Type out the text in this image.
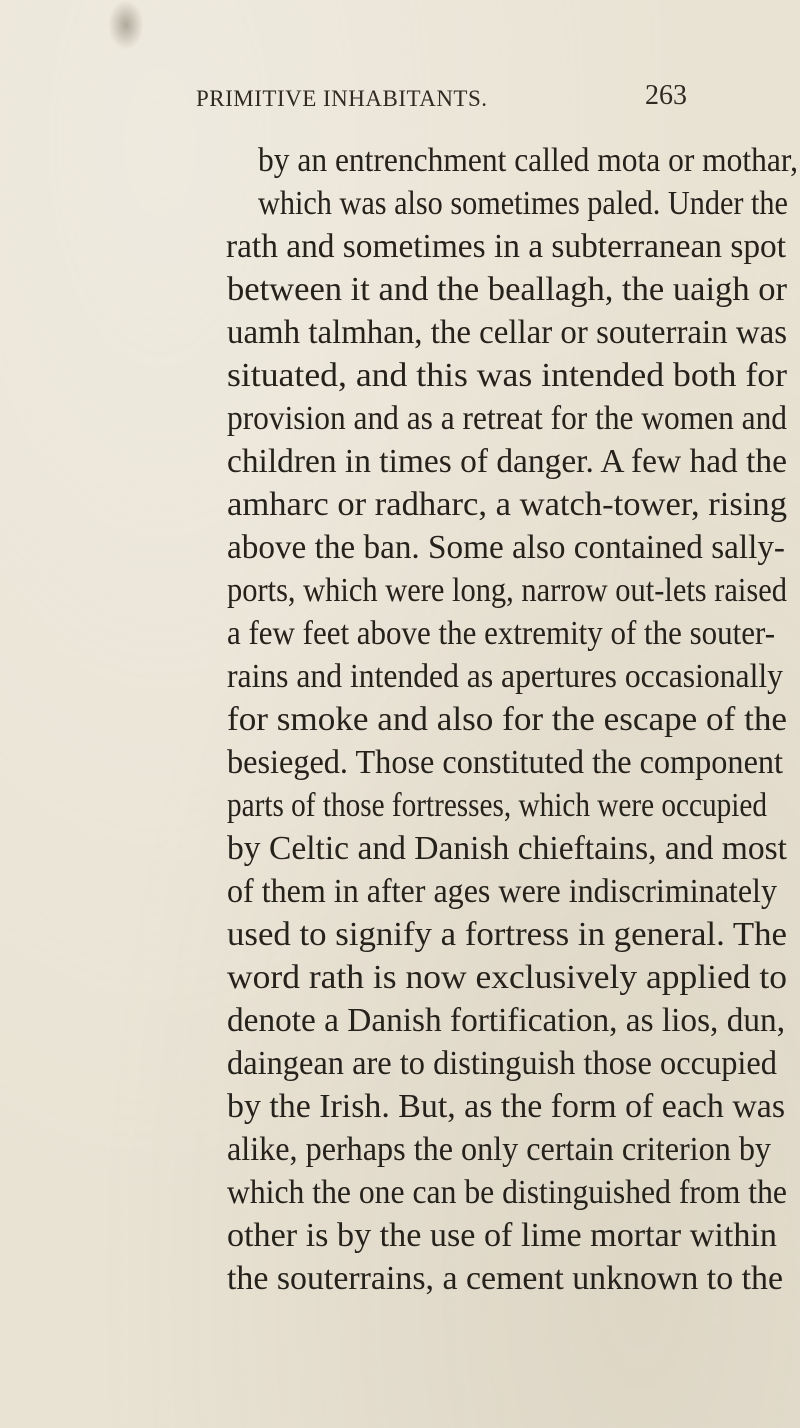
PRIMITIVE INHABITANTS.	263
by an entrenchment called mota or mothar,
which was also sometimes paled. Under the
rath and sometimes in a subterranean spot
between it and the beallagh, the uaigh or
uamh talmhan, the cellar or souterrain was
situated, and this was intended both for
provision and as a retreat for the women and
children in times of danger. A few had the
amharc or radharc, a watch-tower, rising
above the ban. Some also contained sally-
ports, which were long, narrow out-lets raised
a few feet above the extremity of the souter-
rains and intended as apertures occasionally
for smoke and also for the escape of the
besieged. Those constituted the component
parts of those fortresses, which were occupied
by Celtic and Danish chieftains, and most
of them in after ages were indiscriminately
used to signify a fortress in general. The
word rath is now exclusively applied to
denote a Danish fortification, as lios, dun,
daingean are to distinguish those occupied
by the Irish. But, as the form of each was
alike, perhaps the only certain criterion by
which the one can be distinguished from the
other is by the use of lime mortar within
the souterrains, a cement unknown to the
